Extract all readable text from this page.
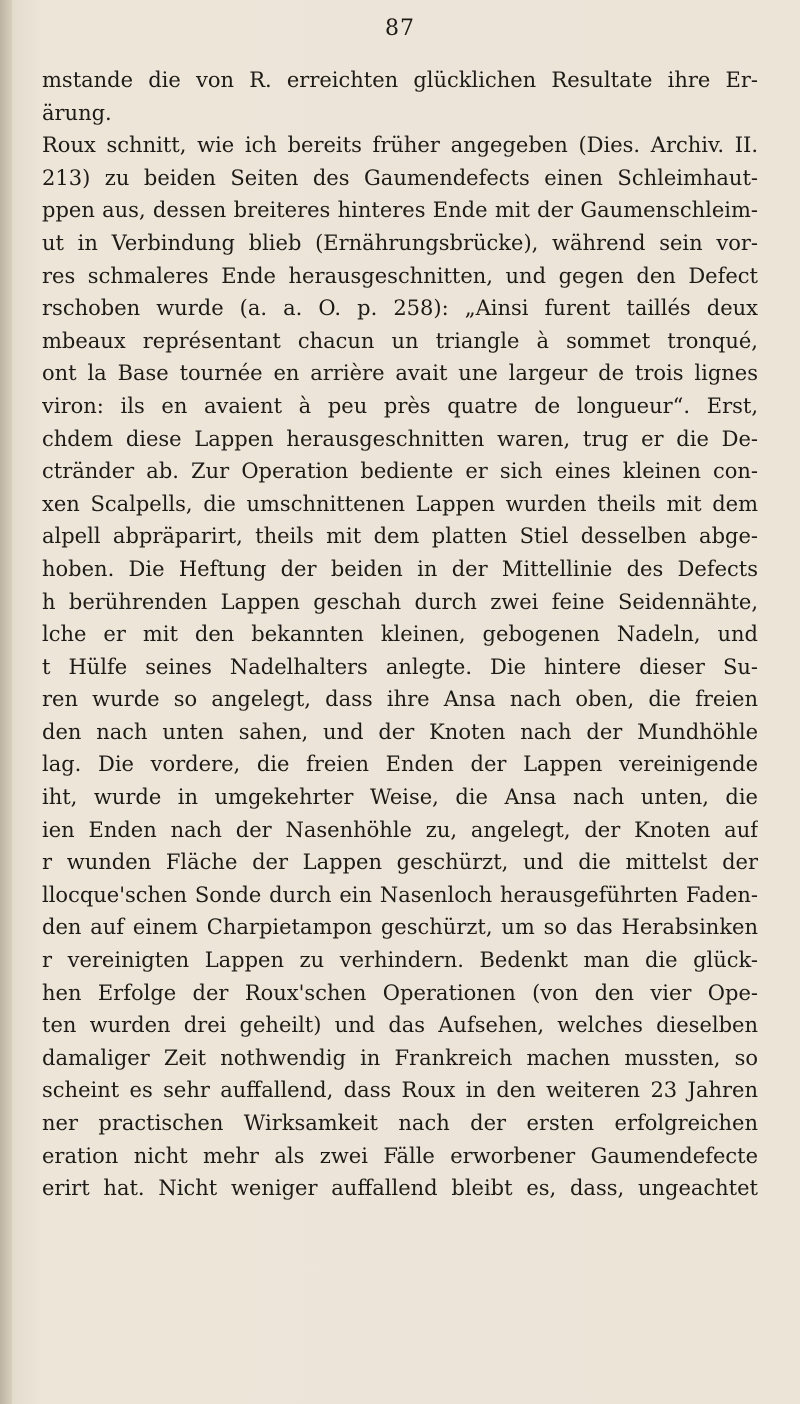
87
mstande die von R. erreichten glücklichen Resultate ihre Er-
ärung.
Roux schnitt, wie ich bereits früher angegeben (Dies. Archiv. II.
213) zu beiden Seiten des Gaumendefects einen Schleimhaut-
ppen aus, dessen breiteres hinteres Ende mit der Gaumenschleim-
ut in Verbindung blieb (Ernährungsbrücke), während sein vor-
res schmaleres Ende herausgeschnitten, und gegen den Defect
rschoben wurde (a. a. O. p. 258): „Ainsi furent taillés deux
mbeaux représentant chacun un triangle à sommet tronqué,
ont la Base tournée en arrière avait une largeur de trois lignes
viron: ils en avaient à peu près quatre de longueur“. Erst,
chdem diese Lappen herausgeschnitten waren, trug er die De-
ctränder ab. Zur Operation bediente er sich eines kleinen con-
xen Scalpells, die umschnittenen Lappen wurden theils mit dem
alpell abpräparirt, theils mit dem platten Stiel desselben abge-
hoben. Die Heftung der beiden in der Mittellinie des Defects
h berührenden Lappen geschah durch zwei feine Seidennähte,
lche er mit den bekannten kleinen, gebogenen Nadeln, und
t Hülfe seines Nadelhalters anlegte. Die hintere dieser Su-
ren wurde so angelegt, dass ihre Ansa nach oben, die freien
den nach unten sahen, und der Knoten nach der Mundhöhle
lag. Die vordere, die freien Enden der Lappen vereinigende
iht, wurde in umgekehrter Weise, die Ansa nach unten, die
ien Enden nach der Nasenhöhle zu, angelegt, der Knoten auf
r wunden Fläche der Lappen geschürzt, und die mittelst der
llocque'schen Sonde durch ein Nasenloch herausgeführten Faden-
den auf einem Charpietampon geschürzt, um so das Herabsinken
r vereinigten Lappen zu verhindern. Bedenkt man die glück-
hen Erfolge der Roux'schen Operationen (von den vier Ope-
ten wurden drei geheilt) und das Aufsehen, welches dieselben
damaliger Zeit nothwendig in Frankreich machen mussten, so
scheint es sehr auffallend, dass Roux in den weiteren 23 Jahren
ner practischen Wirksamkeit nach der ersten erfolgreichen
eration nicht mehr als zwei Fälle erworbener Gaumendefecte
erirt hat. Nicht weniger auffallend bleibt es, dass, ungeachtet
